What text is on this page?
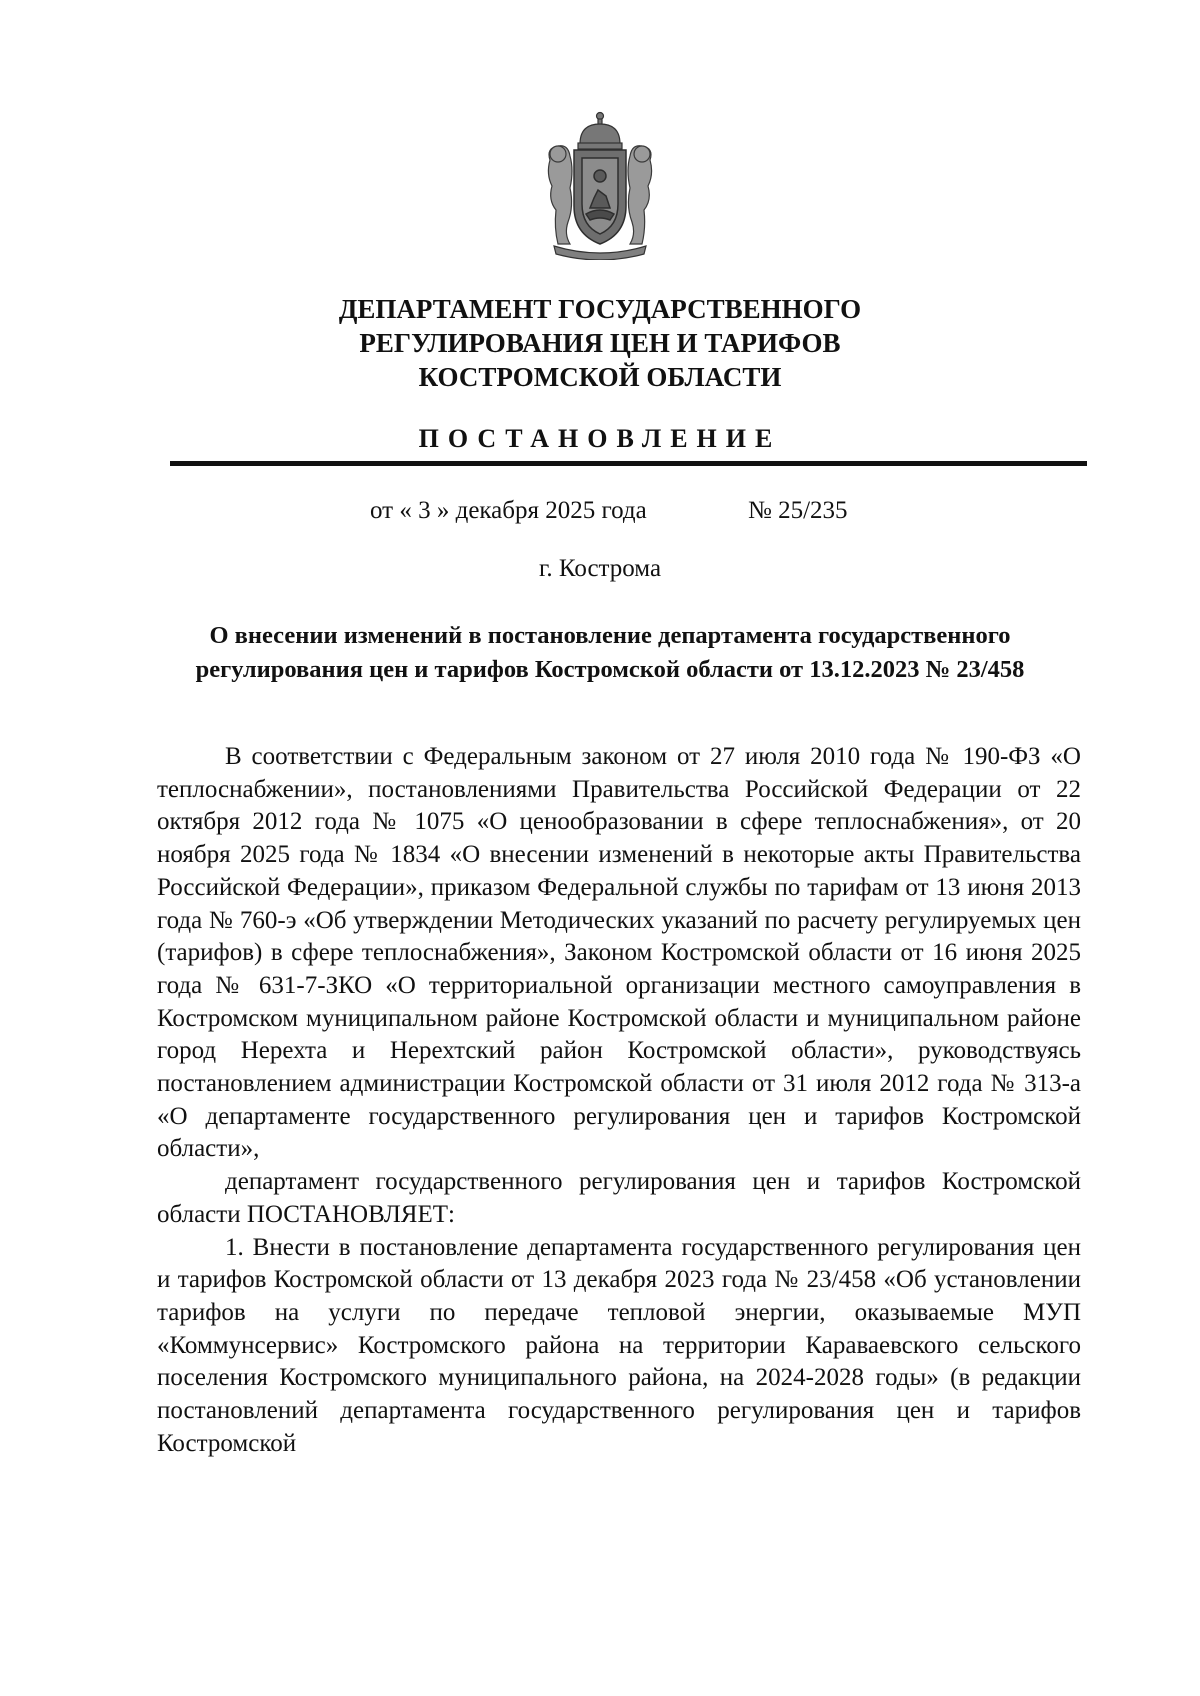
ДЕПАРТАМЕНТ ГОСУДАРСТВЕННОГО
РЕГУЛИРОВАНИЯ ЦЕН И ТАРИФОВ
КОСТРОМСКОЙ ОБЛАСТИ
ПОСТАНОВЛЕНИЕ
от « 3 » декабря 2025 года	№ 25/235
г. Кострома
О внесении изменений в постановление департамента государственного
регулирования цен и тарифов Костромской области от 13.12.2023 № 23/458

В соответствии с Федеральным законом от 27 июля 2010 года № 190-ФЗ «О теплоснабжении», постановлениями Правительства Российской Федерации от 22 октября 2012 года № 1075 «О ценообразовании в сфере теплоснабжения», от 20 ноября 2025 года № 1834 «О внесении изменений в некоторые акты Правительства Российской Федерации», приказом Федеральной службы по тарифам от 13 июня 2013 года № 760-э «Об утверждении Методических указаний по расчету регулируемых цен (тарифов) в сфере теплоснабжения», Законом Костромской области от 16 июня 2025 года № 631-7-ЗКО «О территориальной организации местного самоуправления в Костромском муниципальном районе Костромской области и муниципальном районе город Нерехта и Нерехтский район Костромской области», руководствуясь постановлением администрации Костромской области от 31 июля 2012 года № 313-а «О департаменте государственного регулирования цен и тарифов Костромской области»,

департамент государственного регулирования цен и тарифов Костромской области ПОСТАНОВЛЯЕТ:

1. Внести в постановление департамента государственного регулирования цен и тарифов Костромской области от 13 декабря 2023 года № 23/458 «Об установлении тарифов на услуги по передаче тепловой энергии, оказываемые МУП «Коммунсервис» Костромского района на территории Караваевского сельского поселения Костромского муниципального района, на 2024-2028 годы» (в редакции постановлений департамента государственного регулирования цен и тарифов Костромской
